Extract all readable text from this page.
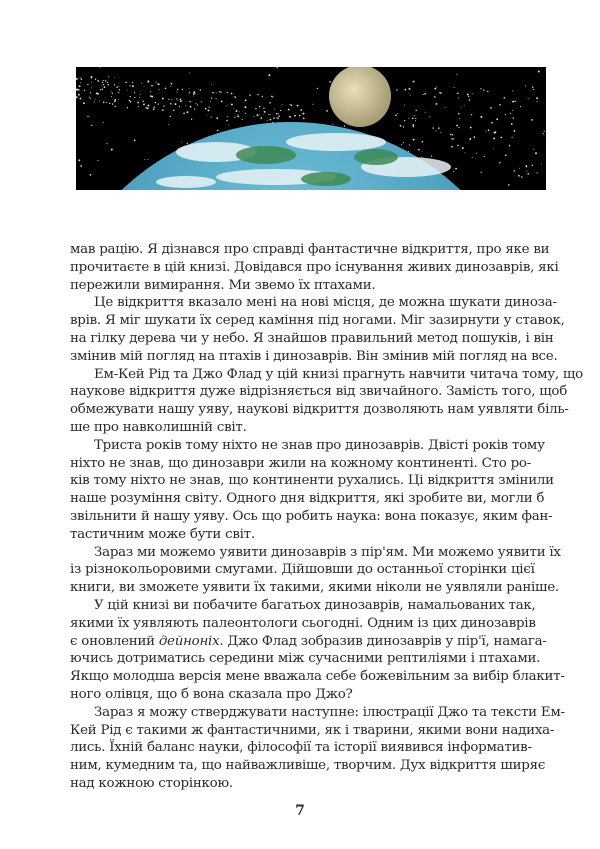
мав рацію. Я дізнався про справді фантастичне відкриття, про яке ви
прочитаєте в цій книзі. Довідався про існування живих динозаврів, які
пережили вимирання. Ми звемо їх птахами.
Це відкриття вказало мені на нові місця, де можна шукати диноза-
врів. Я міг шукати їх серед каміння під ногами. Міг зазирнути у ставок,
на гілку дерева чи у небо. Я знайшов правильний метод пошуків, і він
змінив мій погляд на птахів і динозаврів. Він змінив мій погляд на все.
Ем-Кей Рід та Джо Флад у цій книзі прагнуть навчити читача тому, що
наукове відкриття дуже відрізняється від звичайного. Замість того, щоб
обмежувати нашу уяву, наукові відкриття дозволяють нам уявляти біль-
ше про навколишній світ.
Триста років тому ніхто не знав про динозаврів. Двісті років тому
ніхто не знав, що динозаври жили на кожному континенті. Сто ро-
ків тому ніхто не знав, що континенти рухались. Ці відкриття змінили
наше розуміння світу. Одного дня відкриття, які зробите ви, могли б
звільнити й нашу уяву. Ось що робить наука: вона показує, яким фан-
тастичним може бути світ.
Зараз ми можемо уявити динозаврів з пір'ям. Ми можемо уявити їх
із різнокольоровими смугами. Дійшовши до останньої сторінки цієї
книги, ви зможете уявити їх такими, якими ніколи не уявляли раніше.
У цій книзі ви побачите багатьох динозаврів, намальованих так,
якими їх уявляють палеонтологи сьогодні. Одним із цих динозаврів
є оновлений дейноніх. Джо Флад зобразив динозаврів у пір'ї, намага-
ючись дотриматись середини між сучасними рептиліями і птахами.
Якщо молодша версія мене вважала себе божевільним за вибір блакит-
ного олівця, що б вона сказала про Джо?
Зараз я можу стверджувати наступне: ілюстрації Джо та тексти Ем-
Кей Рід є такими ж фантастичними, як і тварини, якими вони надиха-
лись. Їхній баланс науки, філософії та історії виявився інформатив-
ним, кумедним та, що найважливіше, творчим. Дух відкриття ширяє
над кожною сторінкою.
7
